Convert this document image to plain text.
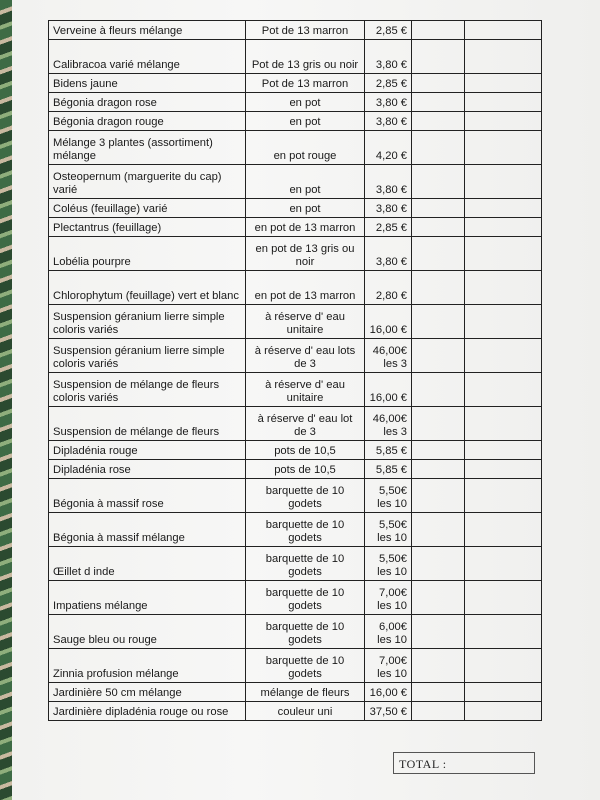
Verveine à fleurs mélange	Pot de 13 marron	2,85 €		
Calibracoa varié mélange	Pot de 13 gris ou noir	3,80 €		
Bidens jaune	Pot de 13 marron	2,85 €		
Bégonia dragon rose	en pot	3,80 €		
Bégonia dragon rouge	en pot	3,80 €		
Mélange 3 plantes (assortiment) mélange	en pot rouge	4,20 €		
Osteopernum (marguerite du cap) varié	en pot	3,80 €		
Coléus (feuillage) varié	en pot	3,80 €		
Plectantrus (feuillage)	en pot de 13 marron	2,85 €		
Lobélia pourpre	en pot de 13 gris ou noir	3,80 €		
Chlorophytum (feuillage) vert et blanc	en pot de 13 marron	2,80 €		
Suspension géranium lierre simple coloris variés	à réserve d' eau unitaire	16,00 €		
Suspension géranium lierre simple coloris variés	à réserve d' eau lots de 3	46,00€ les 3		
Suspension de mélange de fleurs coloris variés	à réserve d' eau unitaire	16,00 €		
Suspension de mélange de fleurs	à réserve d' eau lot de 3	46,00€ les 3		
Dipladénia rouge	pots de 10,5	5,85 €		
Dipladénia rose	pots de 10,5	5,85 €		
Bégonia à massif rose	barquette de 10 godets	5,50€ les 10		
Bégonia à massif mélange	barquette de 10 godets	5,50€ les 10		
Œillet d inde	barquette de 10 godets	5,50€ les 10		
Impatiens mélange	barquette de 10 godets	7,00€ les 10		
Sauge bleu ou rouge	barquette de 10 godets	6,00€ les 10		
Zinnia profusion mélange	barquette de 10 godets	7,00€ les 10		
Jardinière 50 cm mélange	mélange de fleurs	16,00 €		
Jardinière dipladénia rouge ou rose	couleur uni	37,50 €		
TOTAL :
